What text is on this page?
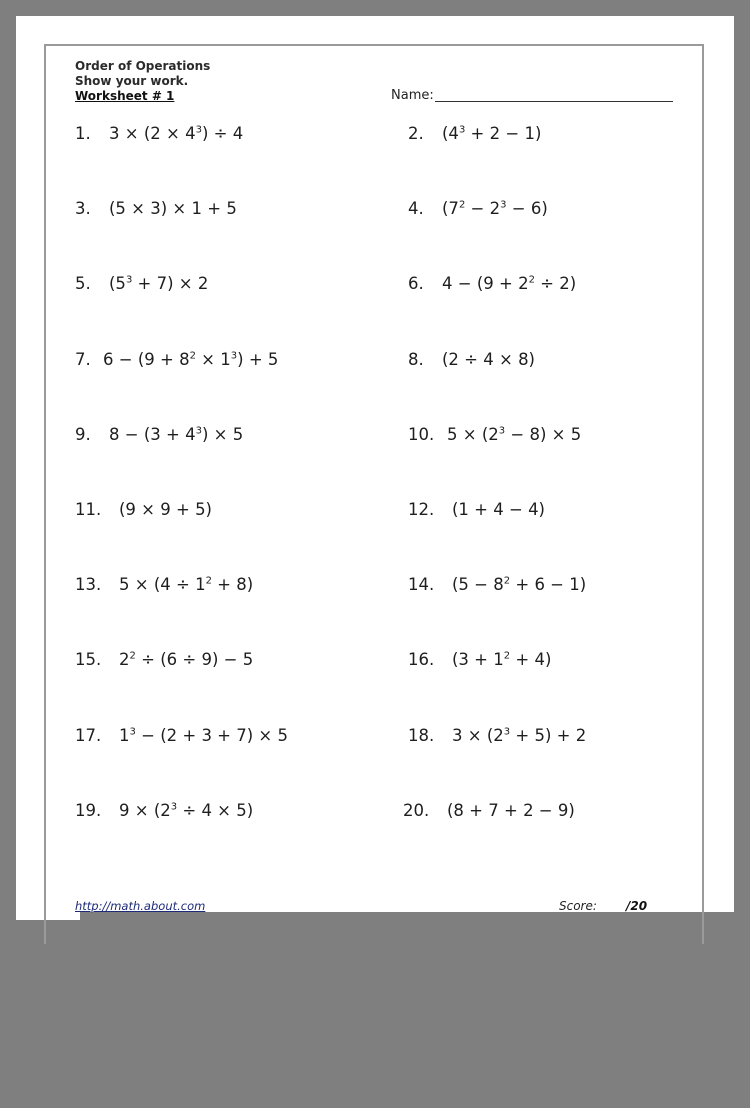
Order of Operations
Show your work.
Worksheet # 1	Name:
1. $3 \times (2 \times 4^3) \div 4$	2. $(4^3 + 2 - 1)$
3. (5 × 3) × 1 + 5	4. $(7^2 - 2^3 - 6)$
5. $(5^3 + 7) \times 2$	6. $4 - (9 + 2^2 \div 2)$
7. $6 - (9 + 8^2 \times 1^3) + 5$	8. (2 ÷ 4 × 8)
9. $8 - (3 + 4^3) \times 5$	10. $5 \times (2^3 - 8) \times 5$
11. (9 × 9 + 5)	12. (1 + 4 − 4)
13. $5 \times (4 \div 1^2 + 8)$	14. $(5 - 8^2 + 6 - 1)$
15. $2^2 \div (6 \div 9) - 5$	16. $(3 + 1^2 + 4)$
17. $1^3 - (2 + 3 + 7) \times 5$	18. $3 \times (2^3 + 5) + 2$
19. $9 \times (2^3 \div 4 \times 5)$	20. (8 + 7 + 2 − 9)
http://math.about.com	Score: /20
